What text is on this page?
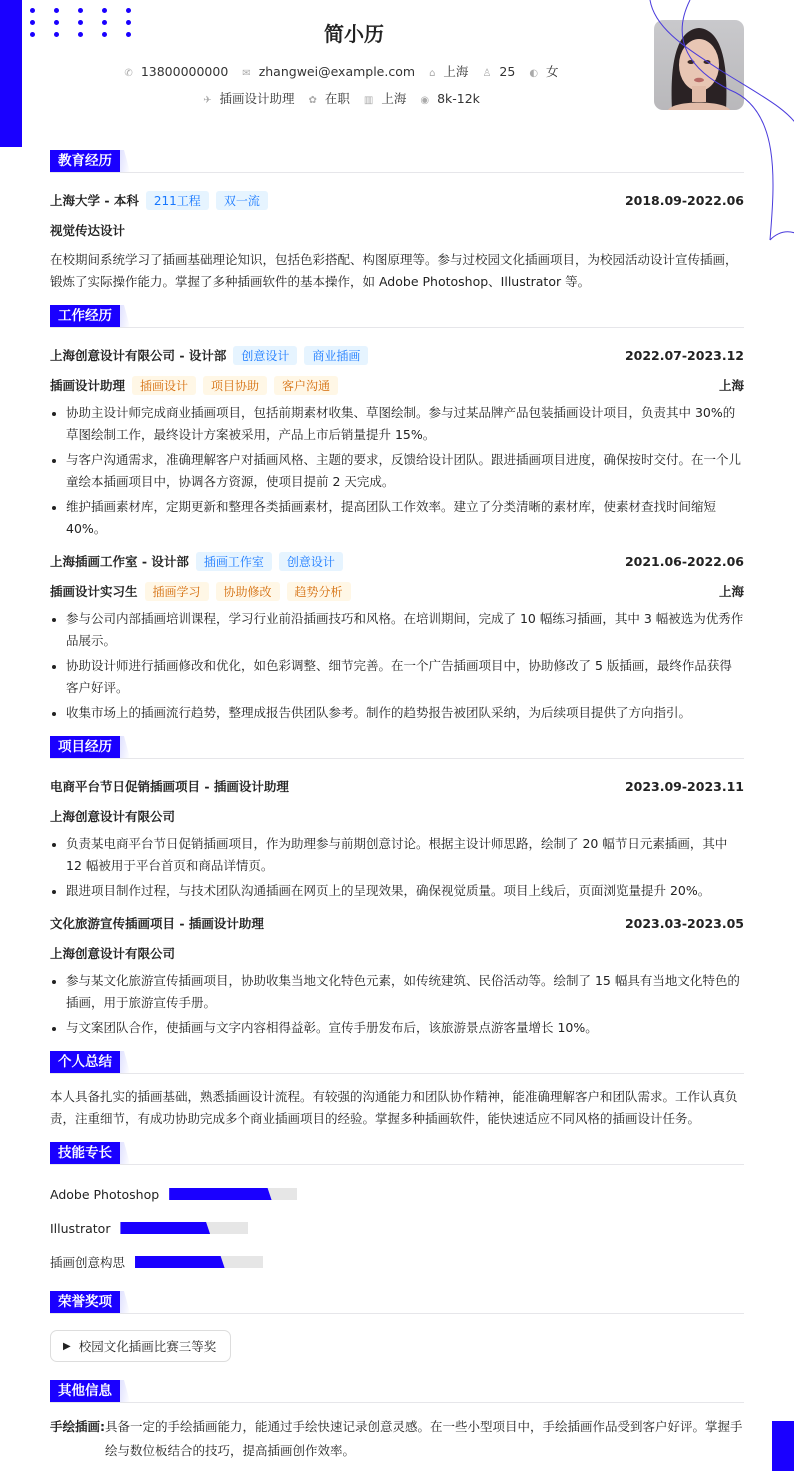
简小历
✆ 13800000000 ✉ zhangwei@example.com ⌂ 上海 ♙ 25 ◐ 女
✈ 插画设计助理 ✿ 在职 ▥ 上海 ◉ 8k-12k
教育经历
上海大学 - 本科	211工程	双一流	2018.09-2022.06
视觉传达设计

在校期间系统学习了插画基础理论知识，包括色彩搭配、构图原理等。参与过校园文化插画项目，为校园活动设计宣传插画，锻炼了实际操作能力。掌握了多种插画软件的基本操作，如 Adobe Photoshop、Illustrator 等。

工作经历
上海创意设计有限公司 - 设计部	创意设计	商业插画	2022.07-2023.12
插画设计助理	插画设计	项目协助	客户沟通	上海
协助主设计师完成商业插画项目，包括前期素材收集、草图绘制。参与过某品牌产品包装插画设计项目，负责其中 30%的草图绘制工作，最终设计方案被采用，产品上市后销量提升 15%。
与客户沟通需求，准确理解客户对插画风格、主题的要求，反馈给设计团队。跟进插画项目进度，确保按时交付。在一个儿童绘本插画项目中，协调各方资源，使项目提前 2 天完成。
维护插画素材库，定期更新和整理各类插画素材，提高团队工作效率。建立了分类清晰的素材库，使素材查找时间缩短 40%。
上海插画工作室 - 设计部	插画工作室	创意设计	2021.06-2022.06
插画设计实习生	插画学习	协助修改	趋势分析	上海
参与公司内部插画培训课程，学习行业前沿插画技巧和风格。在培训期间，完成了 10 幅练习插画，其中 3 幅被选为优秀作品展示。
协助设计师进行插画修改和优化，如色彩调整、细节完善。在一个广告插画项目中，协助修改了 5 版插画，最终作品获得客户好评。
收集市场上的插画流行趋势，整理成报告供团队参考。制作的趋势报告被团队采纳，为后续项目提供了方向指引。
项目经历
电商平台节日促销插画项目 - 插画设计助理	2023.09-2023.11
上海创意设计有限公司
负责某电商平台节日促销插画项目，作为助理参与前期创意讨论。根据主设计师思路，绘制了 20 幅节日元素插画，其中 12 幅被用于平台首页和商品详情页。
跟进项目制作过程，与技术团队沟通插画在网页上的呈现效果，确保视觉质量。项目上线后，页面浏览量提升 20%。
文化旅游宣传插画项目 - 插画设计助理	2023.03-2023.05
上海创意设计有限公司
参与某文化旅游宣传插画项目，协助收集当地文化特色元素，如传统建筑、民俗活动等。绘制了 15 幅具有当地文化特色的插画，用于旅游宣传手册。
与文案团队合作，使插画与文字内容相得益彰。宣传手册发布后，该旅游景点游客量增长 10%。
个人总结

本人具备扎实的插画基础，熟悉插画设计流程。有较强的沟通能力和团队协作精神，能准确理解客户和团队需求。工作认真负责，注重细节，有成功协助完成多个商业插画项目的经验。掌握多种插画软件，能快速适应不同风格的插画设计任务。

技能专长
Adobe Photoshop
Illustrator
插画创意构思
荣誉奖项
▶ 校园文化插画比赛三等奖
其他信息
手绘插画: 具备一定的手绘插画能力，能通过手绘快速记录创意灵感。在一些小型项目中，手绘插画作品受到客户好评。掌握手绘与数位板结合的技巧，提高插画创作效率。
